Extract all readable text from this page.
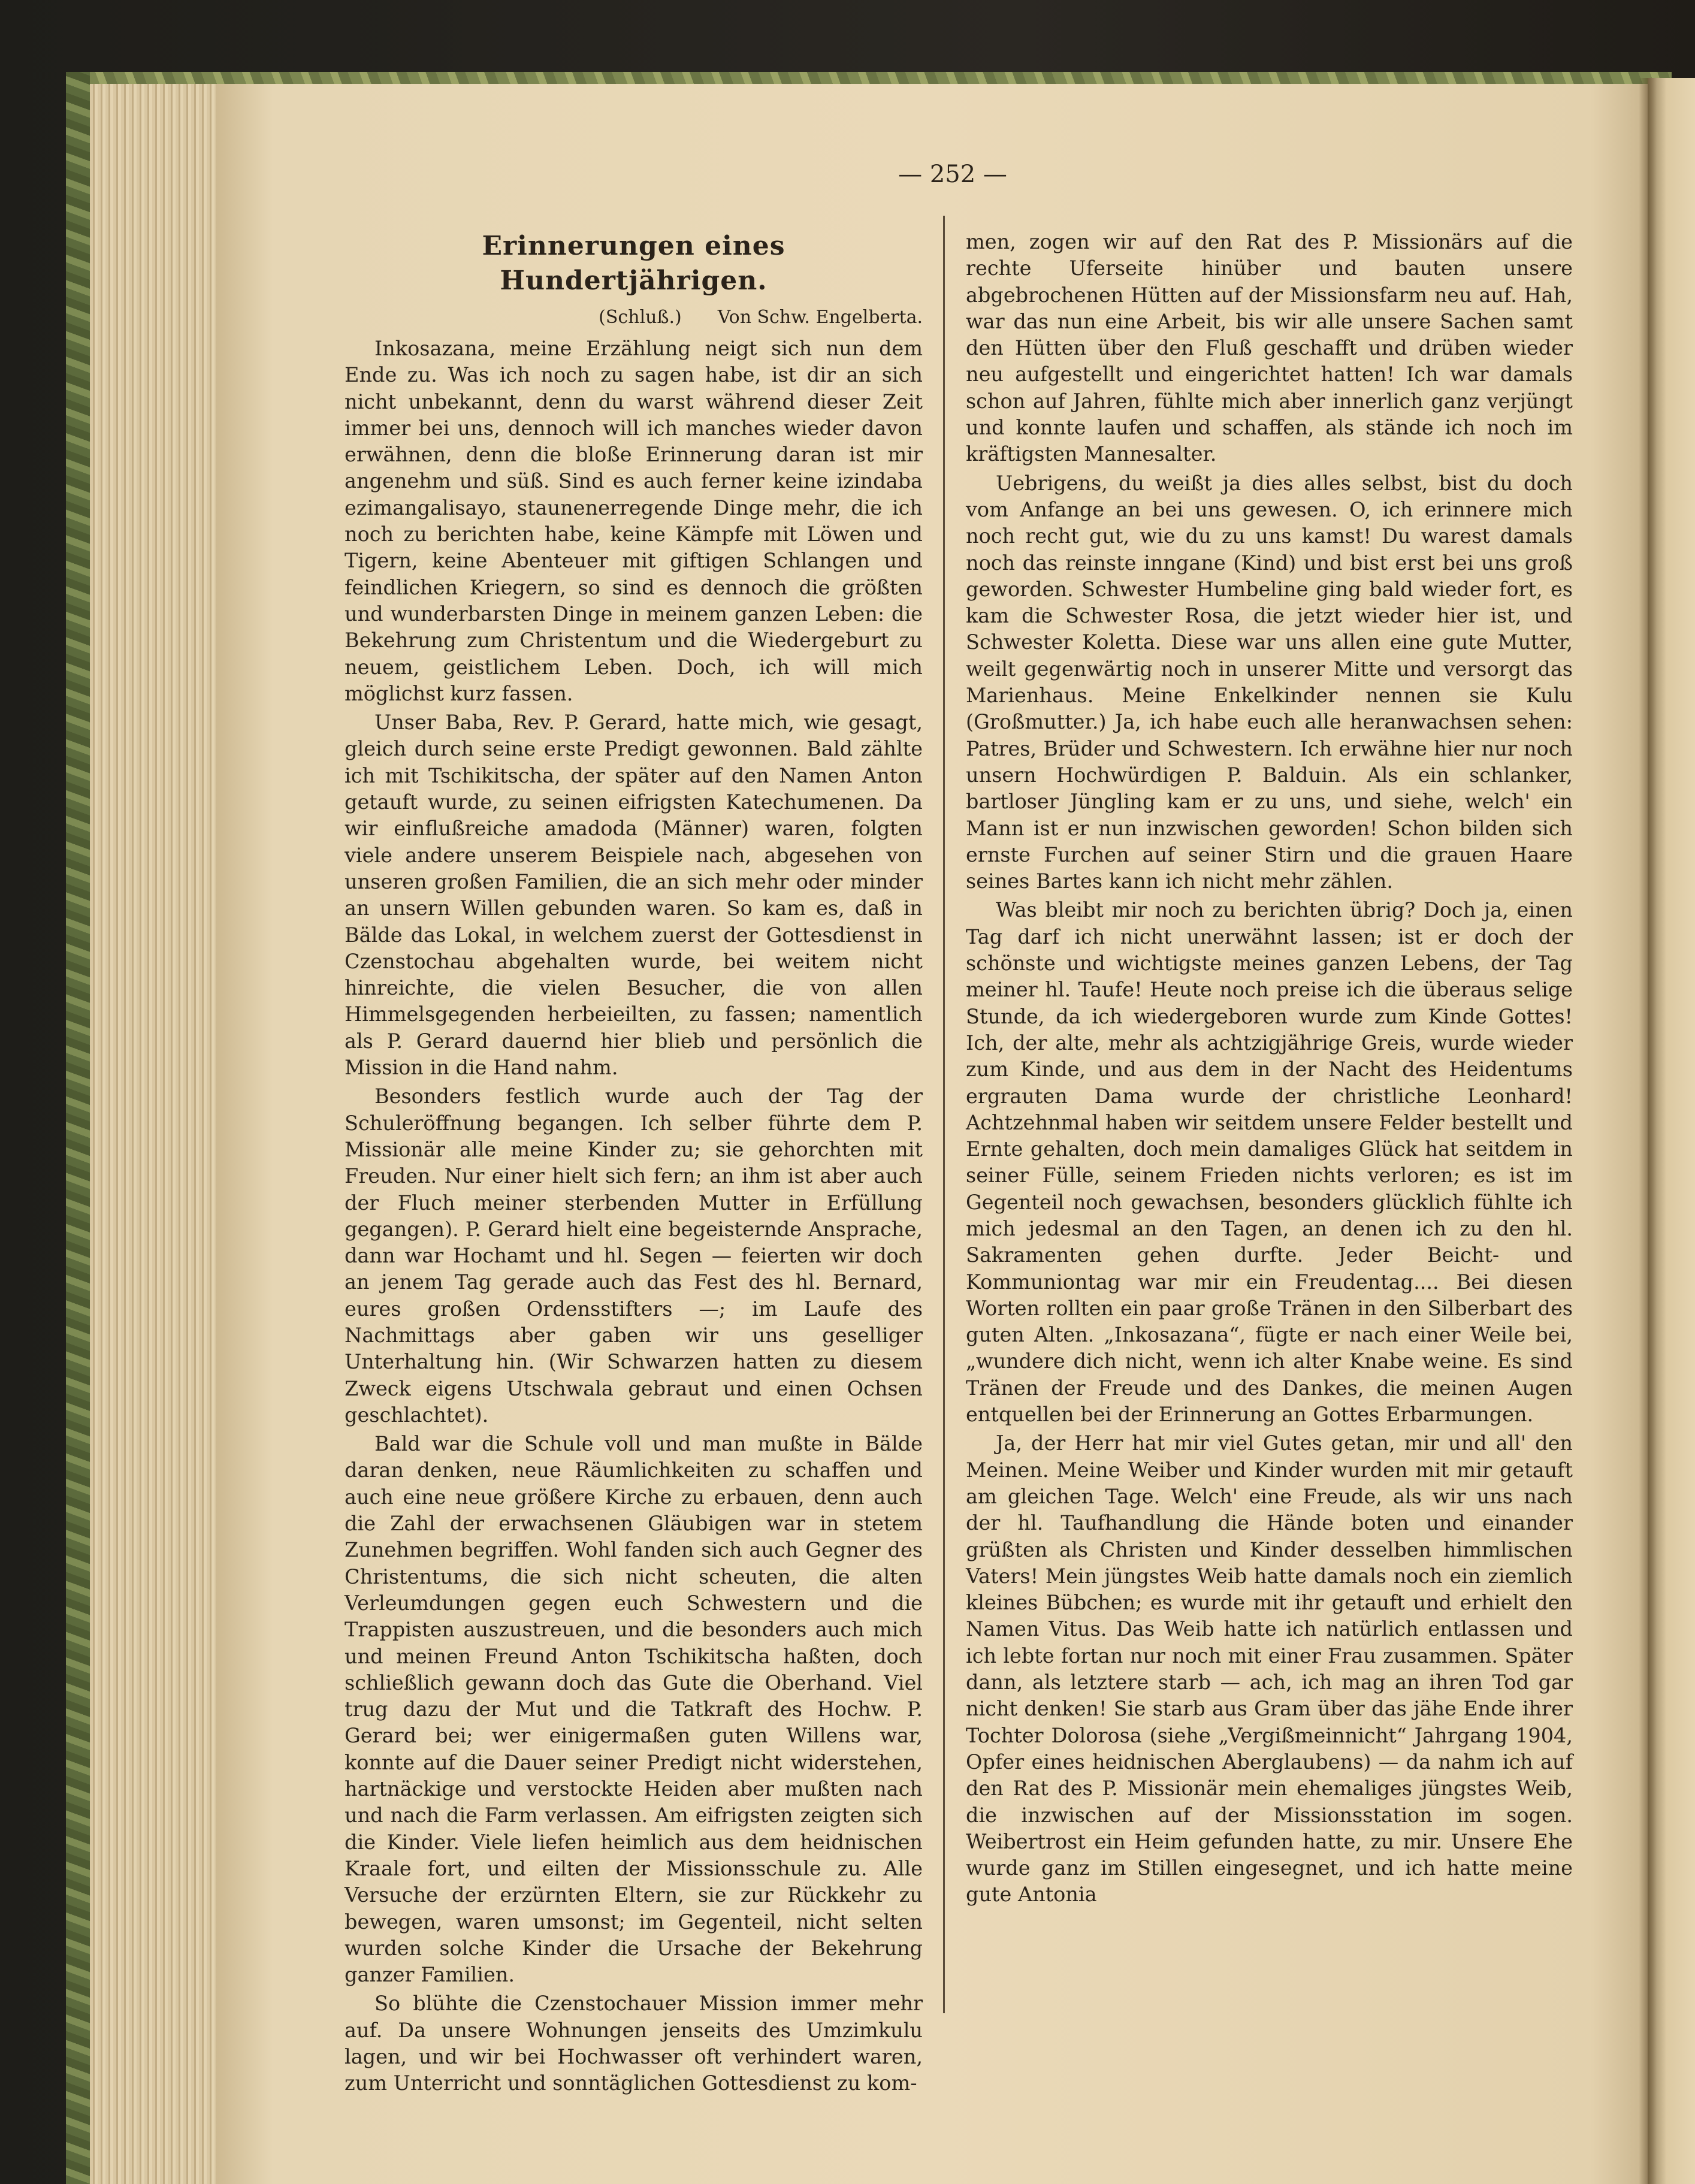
— 252 —
Erinnerungen eines Hundertjährigen.
(Schluß.) Von Schw. Engelberta.

Inkosazana, meine Erzählung neigt sich nun dem Ende zu. Was ich noch zu sagen habe, ist dir an sich nicht unbekannt, denn du warst während dieser Zeit immer bei uns, dennoch will ich manches wieder davon erwähnen, denn die bloße Erinnerung daran ist mir angenehm und süß. Sind es auch ferner keine izindaba ezimangalisayo, staunenerregende Dinge mehr, die ich noch zu berichten habe, keine Kämpfe mit Löwen und Tigern, keine Abenteuer mit giftigen Schlangen und feindlichen Kriegern, so sind es dennoch die größten und wunderbarsten Dinge in meinem ganzen Leben: die Bekehrung zum Christentum und die Wiedergeburt zu neuem, geistlichem Leben. Doch, ich will mich möglichst kurz fassen.

Unser Baba, Rev. P. Gerard, hatte mich, wie gesagt, gleich durch seine erste Predigt gewonnen. Bald zählte ich mit Tschikitscha, der später auf den Namen Anton getauft wurde, zu seinen eifrigsten Katechumenen. Da wir einflußreiche amadoda (Männer) waren, folgten viele andere unserem Beispiele nach, abgesehen von unseren großen Familien, die an sich mehr oder minder an unsern Willen gebunden waren. So kam es, daß in Bälde das Lokal, in welchem zuerst der Gottesdienst in Czenstochau abgehalten wurde, bei weitem nicht hinreichte, die vielen Besucher, die von allen Himmelsgegenden herbeieilten, zu fassen; namentlich als P. Gerard dauernd hier blieb und persönlich die Mission in die Hand nahm.

Besonders festlich wurde auch der Tag der Schuleröffnung begangen. Ich selber führte dem P. Missionär alle meine Kinder zu; sie gehorchten mit Freuden. Nur einer hielt sich fern; an ihm ist aber auch der Fluch meiner sterbenden Mutter in Erfüllung gegangen). P. Gerard hielt eine begeisternde Ansprache, dann war Hochamt und hl. Segen — feierten wir doch an jenem Tag gerade auch das Fest des hl. Bernard, eures großen Ordensstifters —; im Laufe des Nachmittags aber gaben wir uns geselliger Unterhaltung hin. (Wir Schwarzen hatten zu diesem Zweck eigens Utschwala gebraut und einen Ochsen geschlachtet).

Bald war die Schule voll und man mußte in Bälde daran denken, neue Räumlichkeiten zu schaffen und auch eine neue größere Kirche zu erbauen, denn auch die Zahl der erwachsenen Gläubigen war in stetem Zunehmen begriffen. Wohl fanden sich auch Gegner des Christentums, die sich nicht scheuten, die alten Verleumdungen gegen euch Schwestern und die Trappisten auszustreuen, und die besonders auch mich und meinen Freund Anton Tschikitscha haßten, doch schließlich gewann doch das Gute die Oberhand. Viel trug dazu der Mut und die Tatkraft des Hochw. P. Gerard bei; wer einigermaßen guten Willens war, konnte auf die Dauer seiner Predigt nicht widerstehen, hartnäckige und verstockte Heiden aber mußten nach und nach die Farm verlassen. Am eifrigsten zeigten sich die Kinder. Viele liefen heimlich aus dem heidnischen Kraale fort, und eilten der Missionsschule zu. Alle Versuche der erzürnten Eltern, sie zur Rückkehr zu bewegen, waren umsonst; im Gegenteil, nicht selten wurden solche Kinder die Ursache der Bekehrung ganzer Familien.

So blühte die Czenstochauer Mission immer mehr auf. Da unsere Wohnungen jenseits des Umzimkulu lagen, und wir bei Hochwasser oft verhindert waren, zum Unterricht und sonntäglichen Gottesdienst zu kom-

men, zogen wir auf den Rat des P. Missionärs auf die rechte Uferseite hinüber und bauten unsere abgebrochenen Hütten auf der Missionsfarm neu auf. Hah, war das nun eine Arbeit, bis wir alle unsere Sachen samt den Hütten über den Fluß geschafft und drüben wieder neu aufgestellt und eingerichtet hatten! Ich war damals schon auf Jahren, fühlte mich aber innerlich ganz verjüngt und konnte laufen und schaffen, als stände ich noch im kräftigsten Mannesalter.

Uebrigens, du weißt ja dies alles selbst, bist du doch vom Anfange an bei uns gewesen. O, ich erinnere mich noch recht gut, wie du zu uns kamst! Du warest damals noch das reinste inngane (Kind) und bist erst bei uns groß geworden. Schwester Humbeline ging bald wieder fort, es kam die Schwester Rosa, die jetzt wieder hier ist, und Schwester Koletta. Diese war uns allen eine gute Mutter, weilt gegenwärtig noch in unserer Mitte und versorgt das Marienhaus. Meine Enkelkinder nennen sie Kulu (Großmutter.) Ja, ich habe euch alle heranwachsen sehen: Patres, Brüder und Schwestern. Ich erwähne hier nur noch unsern Hochwürdigen P. Balduin. Als ein schlanker, bartloser Jüngling kam er zu uns, und siehe, welch' ein Mann ist er nun inzwischen geworden! Schon bilden sich ernste Furchen auf seiner Stirn und die grauen Haare seines Bartes kann ich nicht mehr zählen.

Was bleibt mir noch zu berichten übrig? Doch ja, einen Tag darf ich nicht unerwähnt lassen; ist er doch der schönste und wichtigste meines ganzen Lebens, der Tag meiner hl. Taufe! Heute noch preise ich die überaus selige Stunde, da ich wiedergeboren wurde zum Kinde Gottes! Ich, der alte, mehr als achtzigjährige Greis, wurde wieder zum Kinde, und aus dem in der Nacht des Heidentums ergrauten Dama wurde der christliche Leonhard! Achtzehnmal haben wir seitdem unsere Felder bestellt und Ernte gehalten, doch mein damaliges Glück hat seitdem in seiner Fülle, seinem Frieden nichts verloren; es ist im Gegenteil noch gewachsen, besonders glücklich fühlte ich mich jedesmal an den Tagen, an denen ich zu den hl. Sakramenten gehen durfte. Jeder Beicht- und Kommuniontag war mir ein Freudentag.... Bei diesen Worten rollten ein paar große Tränen in den Silberbart des guten Alten. „Inkosazana“, fügte er nach einer Weile bei, „wundere dich nicht, wenn ich alter Knabe weine. Es sind Tränen der Freude und des Dankes, die meinen Augen entquellen bei der Erinnerung an Gottes Erbarmungen.

Ja, der Herr hat mir viel Gutes getan, mir und all' den Meinen. Meine Weiber und Kinder wurden mit mir getauft am gleichen Tage. Welch' eine Freude, als wir uns nach der hl. Taufhandlung die Hände boten und einander grüßten als Christen und Kinder desselben himmlischen Vaters! Mein jüngstes Weib hatte damals noch ein ziemlich kleines Bübchen; es wurde mit ihr getauft und erhielt den Namen Vitus. Das Weib hatte ich natürlich entlassen und ich lebte fortan nur noch mit einer Frau zusammen. Später dann, als letztere starb — ach, ich mag an ihren Tod gar nicht denken! Sie starb aus Gram über das jähe Ende ihrer Tochter Dolorosa (siehe „Vergißmeinnicht“ Jahrgang 1904, Opfer eines heidnischen Aberglaubens) — da nahm ich auf den Rat des P. Missionär mein ehemaliges jüngstes Weib, die inzwischen auf der Missionsstation im sogen. Weibertrost ein Heim gefunden hatte, zu mir. Unsere Ehe wurde ganz im Stillen eingesegnet, und ich hatte meine gute Antonia
